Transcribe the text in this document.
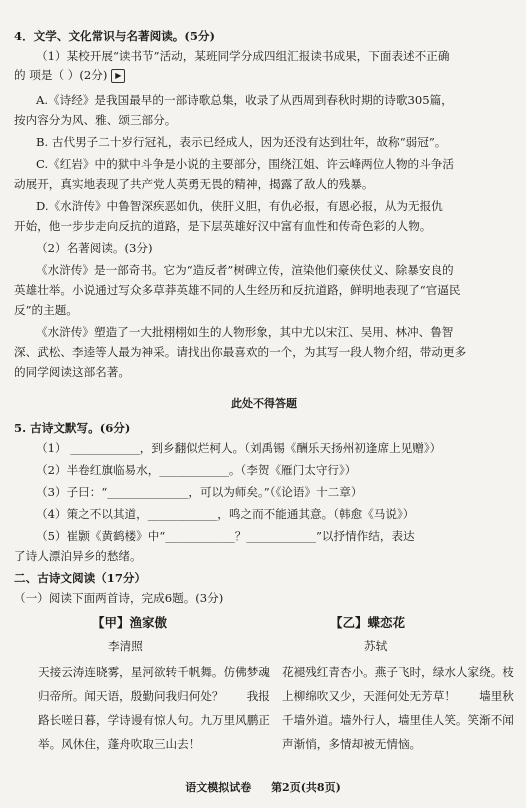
4．文学、文化常识与名著阅读。(5分)
（1）某校开展“读书节”活动，某班同学分成四组汇报读书成果，下面表述不正确
的 项是（ ）(2分) ▶
A.《诗经》是我国最早的一部诗歌总集，收录了从西周到春秋时期的诗歌305篇，
按内容分为风、雅、颂三部分。
B. 古代男子二十岁行冠礼，表示已经成人，因为还没有达到壮年，故称“弱冠”。
C.《红岩》中的狱中斗争是小说的主要部分，围绕江姐、许云峰两位人物的斗争活
动展开，真实地表现了共产党人英勇无畏的精神，揭露了敌人的残暴。
D.《水浒传》中鲁智深疾恶如仇，侠肝义胆，有仇必报，有恩必报，从为无报仇
开始，他一步步走向反抗的道路，是下层英雄好汉中富有血性和传奇色彩的人物。
（2）名著阅读。(3分)
《水浒传》是一部奇书。它为“造反者”树碑立传，渲染他们豪侠仗义、除暴安良的
英雄壮举。小说通过写众多草莽英雄不同的人生经历和反抗道路，鲜明地表现了“官逼民
反”的主题。
《水浒传》塑造了一大批栩栩如生的人物形象，其中尤以宋江、吴用、林冲、鲁智
深、武松、李逵等人最为神采。请找出你最喜欢的一个，为其写一段人物介绍，带动更多
的同学阅读这部名著。
此处不得答题
5. 古诗文默写。(6分)
（1） ____________，到乡翻似烂柯人。（刘禹锡《酬乐天扬州初逢席上见赠》）
（2）半卷红旗临易水，____________。（李贺《雁门太守行》）
（3）子曰：“______________，可以为师矣。”（《论语》十二章）
（4）策之不以其道，____________，鸣之而不能通其意。（韩愈《马说》）
（5）崔颢《黄鹤楼》中“____________？____________”以抒情作结，表达
了诗人漂泊异乡的愁绪。
二、古诗文阅读（17分）
（一）阅读下面两首诗，完成6题。(3分)
【甲】渔家傲
李清照
天接云涛连晓雾，星河欲转千帆舞。仿佛梦魂归帝所。闻天语，殷勤问我归何处？　　我报路长嗟日暮，学诗谩有惊人句。九万里风鹏正举。风休住，蓬舟吹取三山去！
【乙】蝶恋花
苏轼
花褪残红青杏小。燕子飞时，绿水人家绕。枝上柳绵吹又少，天涯何处无芳草！　　墙里秋千墙外道。墙外行人，墙里佳人笑。笑渐不闻声渐悄，多情却被无情恼。
语文模拟试卷 第2页(共8页)
